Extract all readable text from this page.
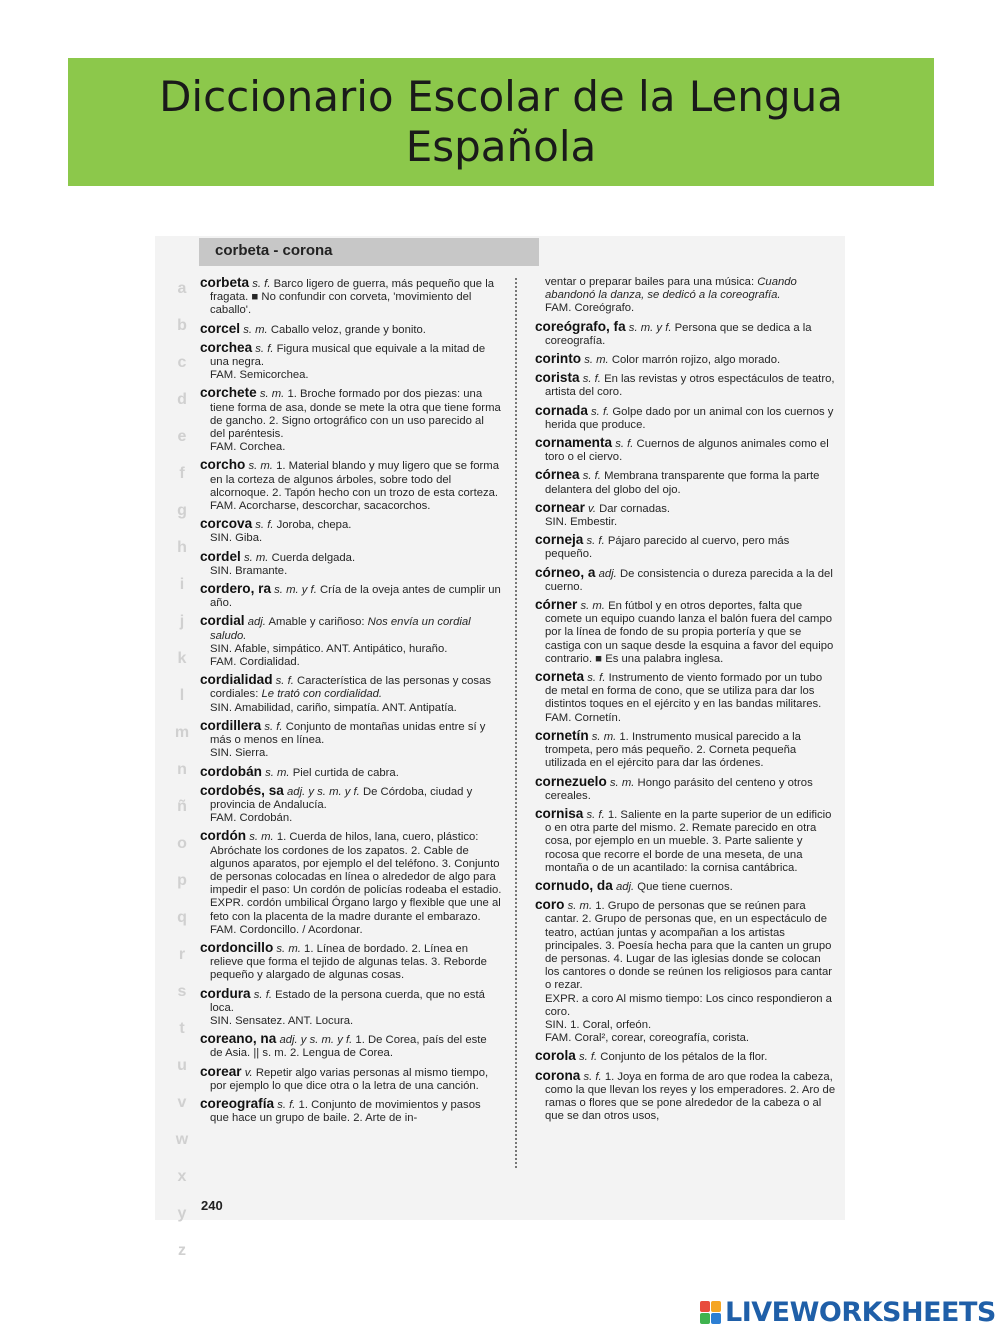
Diccionario Escolar de la Lengua Española
corbeta - corona
a
b
c
d
e
f
g
h
i
j
k
l
m
n
ñ
o
p
q
r
s
t
u
v
w
x
y
z
corbeta s. f. Barco ligero de guerra, más pequeño que la fragata. ■ No confundir con corveta, 'movimiento del caballo'.
corcel s. m. Caballo veloz, grande y bonito.
corchea s. f. Figura musical que equivale a la mitad de una negra.
FAM. Semicorchea.
corchete s. m. 1. Broche formado por dos piezas: una tiene forma de asa, donde se mete la otra que tiene forma de gancho. 2. Signo ortográfico con un uso parecido al del paréntesis.
FAM. Corchea.
corcho s. m. 1. Material blando y muy ligero que se forma en la corteza de algunos árboles, sobre todo del alcornoque. 2. Tapón hecho con un trozo de esta corteza.
FAM. Acorcharse, descorchar, sacacorchos.
corcova s. f. Joroba, chepa.
SIN. Giba.
cordel s. m. Cuerda delgada.
SIN. Bramante.
cordero, ra s. m. y f. Cría de la oveja antes de cumplir un año.
cordial adj. Amable y cariñoso: Nos envía un cordial saludo.
SIN. Afable, simpático. ANT. Antipático, huraño.
FAM. Cordialidad.
cordialidad s. f. Característica de las personas y cosas cordiales: Le trató con cordialidad.
SIN. Amabilidad, cariño, simpatía. ANT. Antipatía.
cordillera s. f. Conjunto de montañas unidas entre sí y más o menos en línea.
SIN. Sierra.
cordobán s. m. Piel curtida de cabra.
cordobés, sa adj. y s. m. y f. De Córdoba, ciudad y provincia de Andalucía.
FAM. Cordobán.
cordón s. m. 1. Cuerda de hilos, lana, cuero, plástico: Abróchate los cordones de los zapatos. 2. Cable de algunos aparatos, por ejemplo el del teléfono. 3. Conjunto de personas colocadas en línea o alrededor de algo para impedir el paso: Un cordón de policías rodeaba el estadio.
EXPR. cordón umbilical Órgano largo y flexible que une al feto con la placenta de la madre durante el embarazo.
FAM. Cordoncillo. / Acordonar.
cordoncillo s. m. 1. Línea de bordado. 2. Línea en relieve que forma el tejido de algunas telas. 3. Reborde pequeño y alargado de algunas cosas.
cordura s. f. Estado de la persona cuerda, que no está loca.
SIN. Sensatez. ANT. Locura.
coreano, na adj. y s. m. y f. 1. De Corea, país del este de Asia. || s. m. 2. Lengua de Corea.
corear v. Repetir algo varias personas al mismo tiempo, por ejemplo lo que dice otra o la letra de una canción.
coreografía s. f. 1. Conjunto de movimientos y pasos que hace un grupo de baile. 2. Arte de in-
ventar o preparar bailes para una música: Cuando abandonó la danza, se dedicó a la coreografía.
FAM. Coreógrafo.
coreógrafo, fa s. m. y f. Persona que se dedica a la coreografía.
corinto s. m. Color marrón rojizo, algo morado.
corista s. f. En las revistas y otros espectáculos de teatro, artista del coro.
cornada s. f. Golpe dado por un animal con los cuernos y herida que produce.
cornamenta s. f. Cuernos de algunos animales como el toro o el ciervo.
córnea s. f. Membrana transparente que forma la parte delantera del globo del ojo.
cornear v. Dar cornadas.
SIN. Embestir.
corneja s. f. Pájaro parecido al cuervo, pero más pequeño.
córneo, a adj. De consistencia o dureza parecida a la del cuerno.
córner s. m. En fútbol y en otros deportes, falta que comete un equipo cuando lanza el balón fuera del campo por la línea de fondo de su propia portería y que se castiga con un saque desde la esquina a favor del equipo contrario. ■ Es una palabra inglesa.
corneta s. f. Instrumento de viento formado por un tubo de metal en forma de cono, que se utiliza para dar los distintos toques en el ejército y en las bandas militares.
FAM. Cornetín.
cornetín s. m. 1. Instrumento musical parecido a la trompeta, pero más pequeño. 2. Corneta pequeña utilizada en el ejército para dar las órdenes.
cornezuelo s. m. Hongo parásito del centeno y otros cereales.
cornisa s. f. 1. Saliente en la parte superior de un edificio o en otra parte del mismo. 2. Remate parecido en otra cosa, por ejemplo en un mueble. 3. Parte saliente y rocosa que recorre el borde de una meseta, de una montaña o de un acantilado: la cornisa cantábrica.
cornudo, da adj. Que tiene cuernos.
coro s. m. 1. Grupo de personas que se reúnen para cantar. 2. Grupo de personas que, en un espectáculo de teatro, actúan juntas y acompañan a los artistas principales. 3. Poesía hecha para que la canten un grupo de personas. 4. Lugar de las iglesias donde se colocan los cantores o donde se reúnen los religiosos para cantar o rezar.
EXPR. a coro Al mismo tiempo: Los cinco respondieron a coro.
SIN. 1. Coral, orfeón.
FAM. Coral², corear, coreografía, corista.
corola s. f. Conjunto de los pétalos de la flor.
corona s. f. 1. Joya en forma de aro que rodea la cabeza, como la que llevan los reyes y los emperadores. 2. Aro de ramas o flores que se pone alrededor de la cabeza o al que se dan otros usos,
240
LIVEWORKSHEETS
